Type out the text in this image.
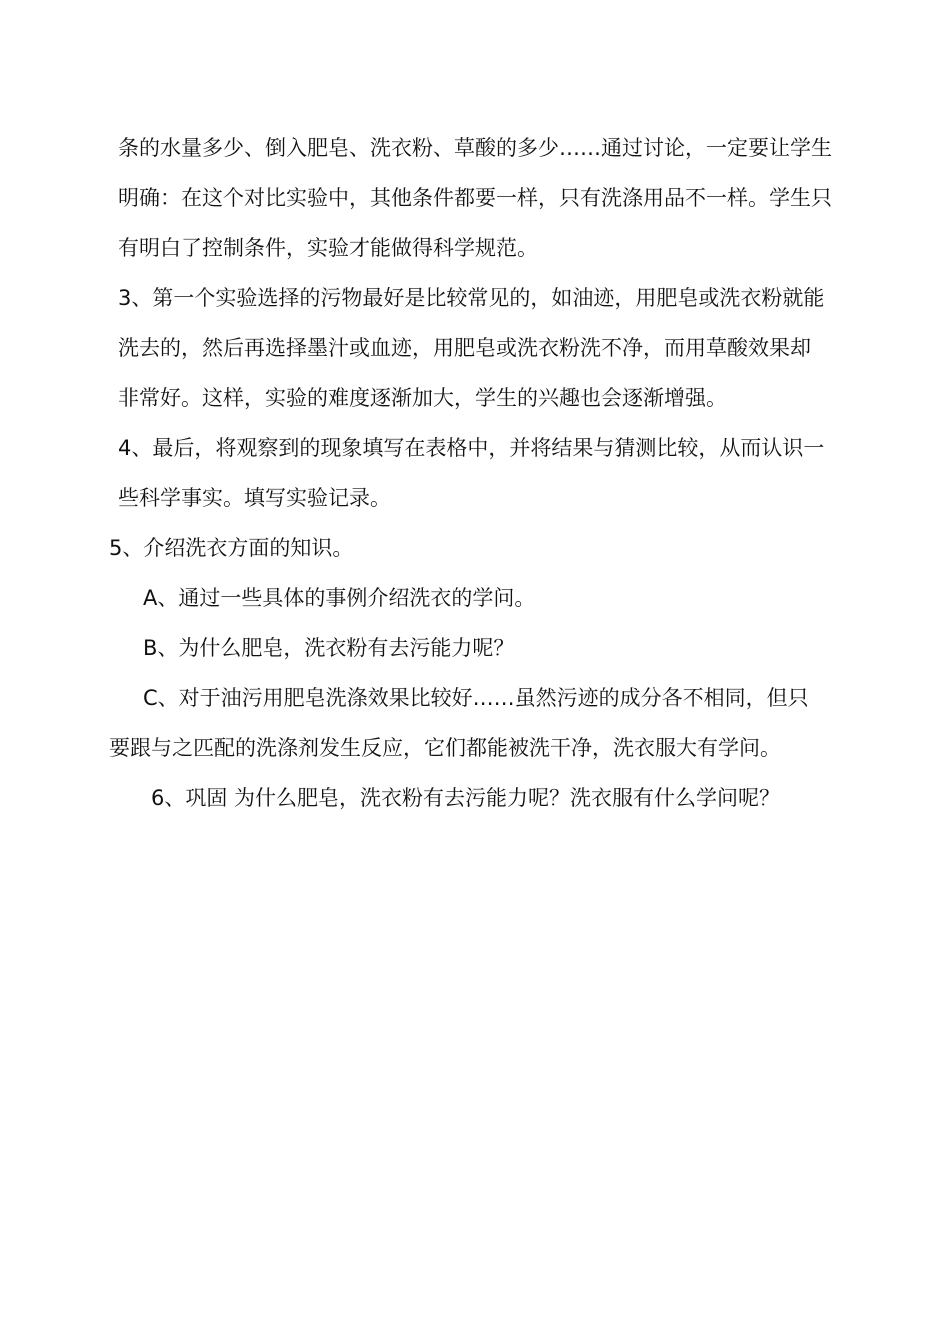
条的水量多少、倒入肥皂、洗衣粉、草酸的多少……通过讨论，一定要让学生
明确：在这个对比实验中，其他条件都要一样，只有洗涤用品不一样。学生只
有明白了控制条件，实验才能做得科学规范。
3、第一个实验选择的污物最好是比较常见的，如油迹，用肥皂或洗衣粉就能
洗去的，然后再选择墨汁或血迹，用肥皂或洗衣粉洗不净，而用草酸效果却
非常好。这样，实验的难度逐渐加大，学生的兴趣也会逐渐增强。
4、最后，将观察到的现象填写在表格中，并将结果与猜测比较，从而认识一
些科学事实。填写实验记录。
5、介绍洗衣方面的知识。
A、通过一些具体的事例介绍洗衣的学问。
B、为什么肥皂，洗衣粉有去污能力呢？
C、对于油污用肥皂洗涤效果比较好……虽然污迹的成分各不相同，但只
要跟与之匹配的洗涤剂发生反应，它们都能被洗干净，洗衣服大有学问。
6、巩固 为什么肥皂，洗衣粉有去污能力呢？洗衣服有什么学问呢？
